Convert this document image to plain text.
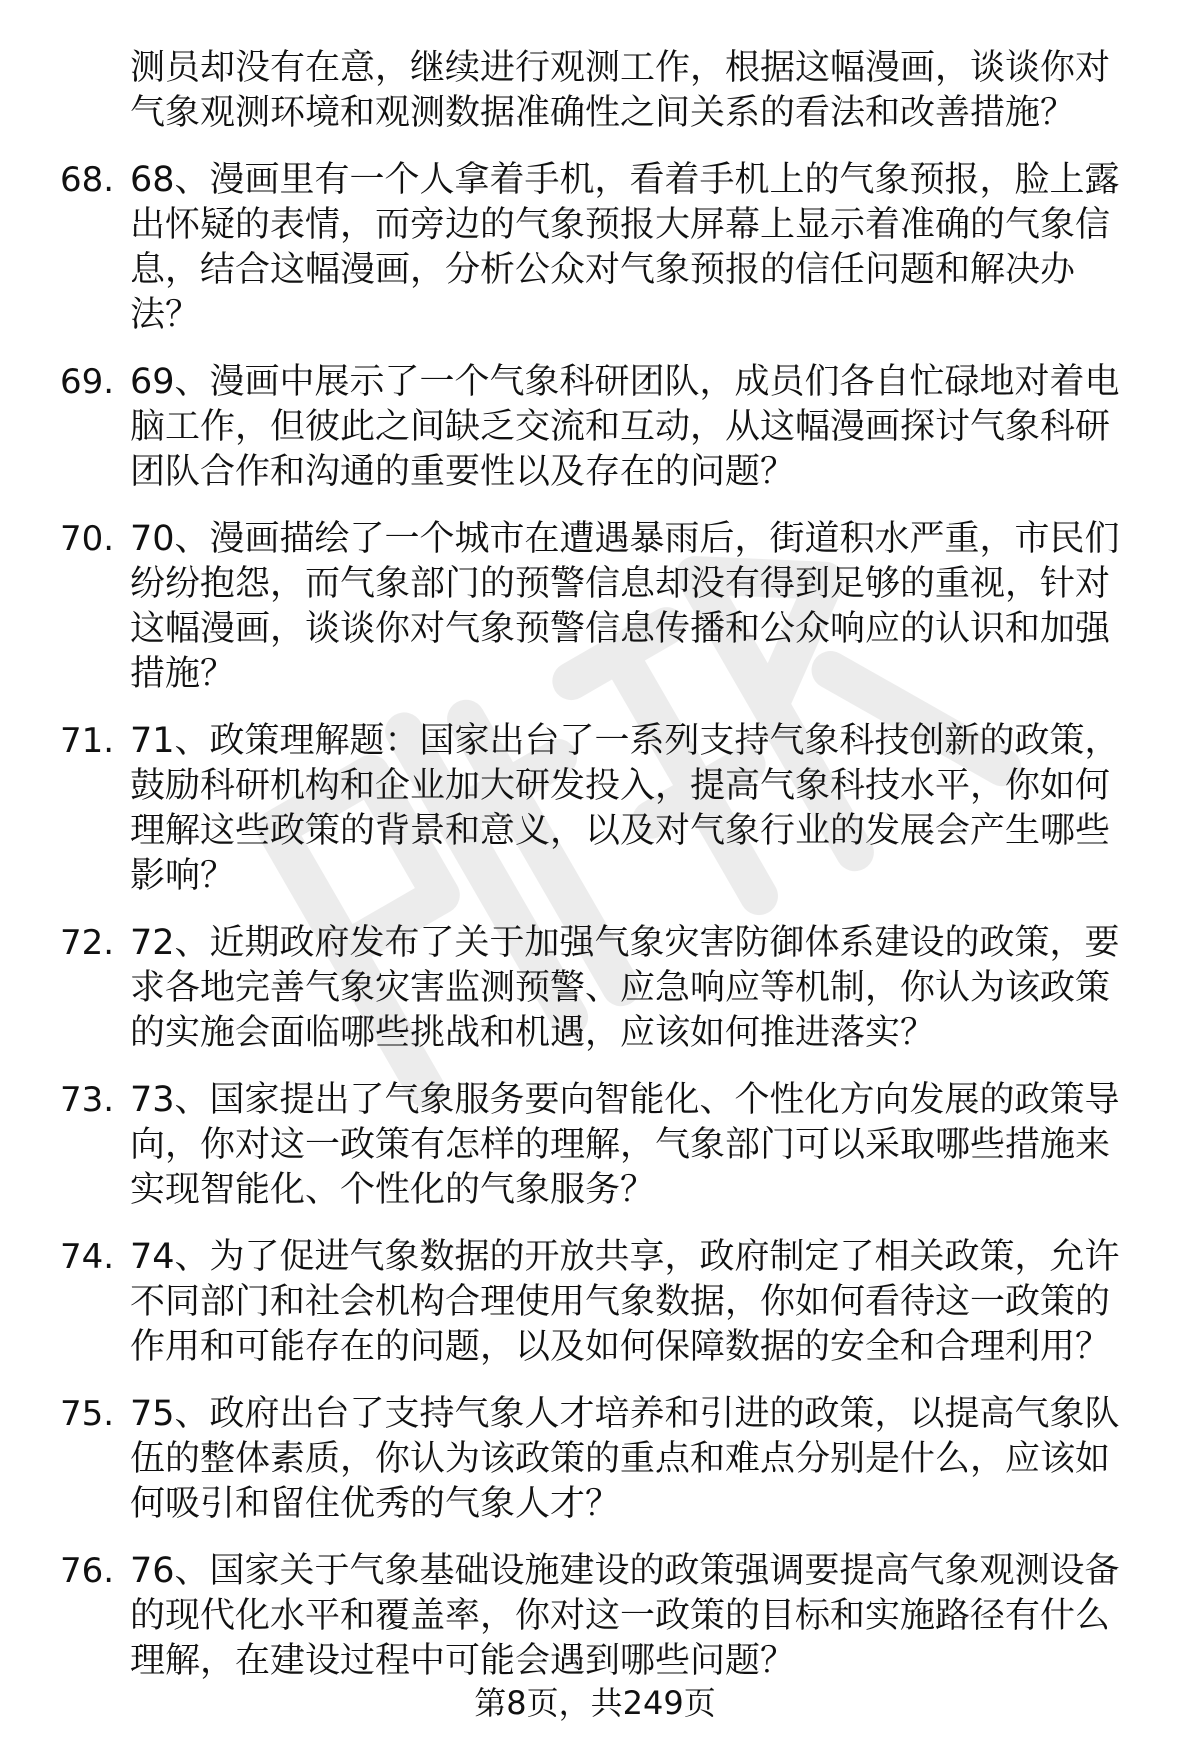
测员却没有在意，继续进行观测工作，根据这幅漫画，谈谈你对气象观测环境和观测数据准确性之间关系的看法和改善措施？
68. 68、漫画里有一个人拿着手机，看着手机上的气象预报，脸上露出怀疑的表情，而旁边的气象预报大屏幕上显示着准确的气象信息，结合这幅漫画，分析公众对气象预报的信任问题和解决办法？
69. 69、漫画中展示了一个气象科研团队，成员们各自忙碌地对着电脑工作，但彼此之间缺乏交流和互动，从这幅漫画探讨气象科研团队合作和沟通的重要性以及存在的问题？
70. 70、漫画描绘了一个城市在遭遇暴雨后，街道积水严重，市民们纷纷抱怨，而气象部门的预警信息却没有得到足够的重视，针对这幅漫画，谈谈你对气象预警信息传播和公众响应的认识和加强措施？
71. 71、政策理解题：国家出台了一系列支持气象科技创新的政策，鼓励科研机构和企业加大研发投入，提高气象科技水平，你如何理解这些政策的背景和意义，以及对气象行业的发展会产生哪些影响？
72. 72、近期政府发布了关于加强气象灾害防御体系建设的政策，要求各地完善气象灾害监测预警、应急响应等机制，你认为该政策的实施会面临哪些挑战和机遇，应该如何推进落实？
73. 73、国家提出了气象服务要向智能化、个性化方向发展的政策导向，你对这一政策有怎样的理解，气象部门可以采取哪些措施来实现智能化、个性化的气象服务？
74. 74、为了促进气象数据的开放共享，政府制定了相关政策，允许不同部门和社会机构合理使用气象数据，你如何看待这一政策的作用和可能存在的问题，以及如何保障数据的安全和合理利用？
75. 75、政府出台了支持气象人才培养和引进的政策，以提高气象队伍的整体素质，你认为该政策的重点和难点分别是什么，应该如何吸引和留住优秀的气象人才？
76. 76、国家关于气象基础设施建设的政策强调要提高气象观测设备的现代化水平和覆盖率，你对这一政策的目标和实施路径有什么理解，在建设过程中可能会遇到哪些问题？
第8页，共249页
